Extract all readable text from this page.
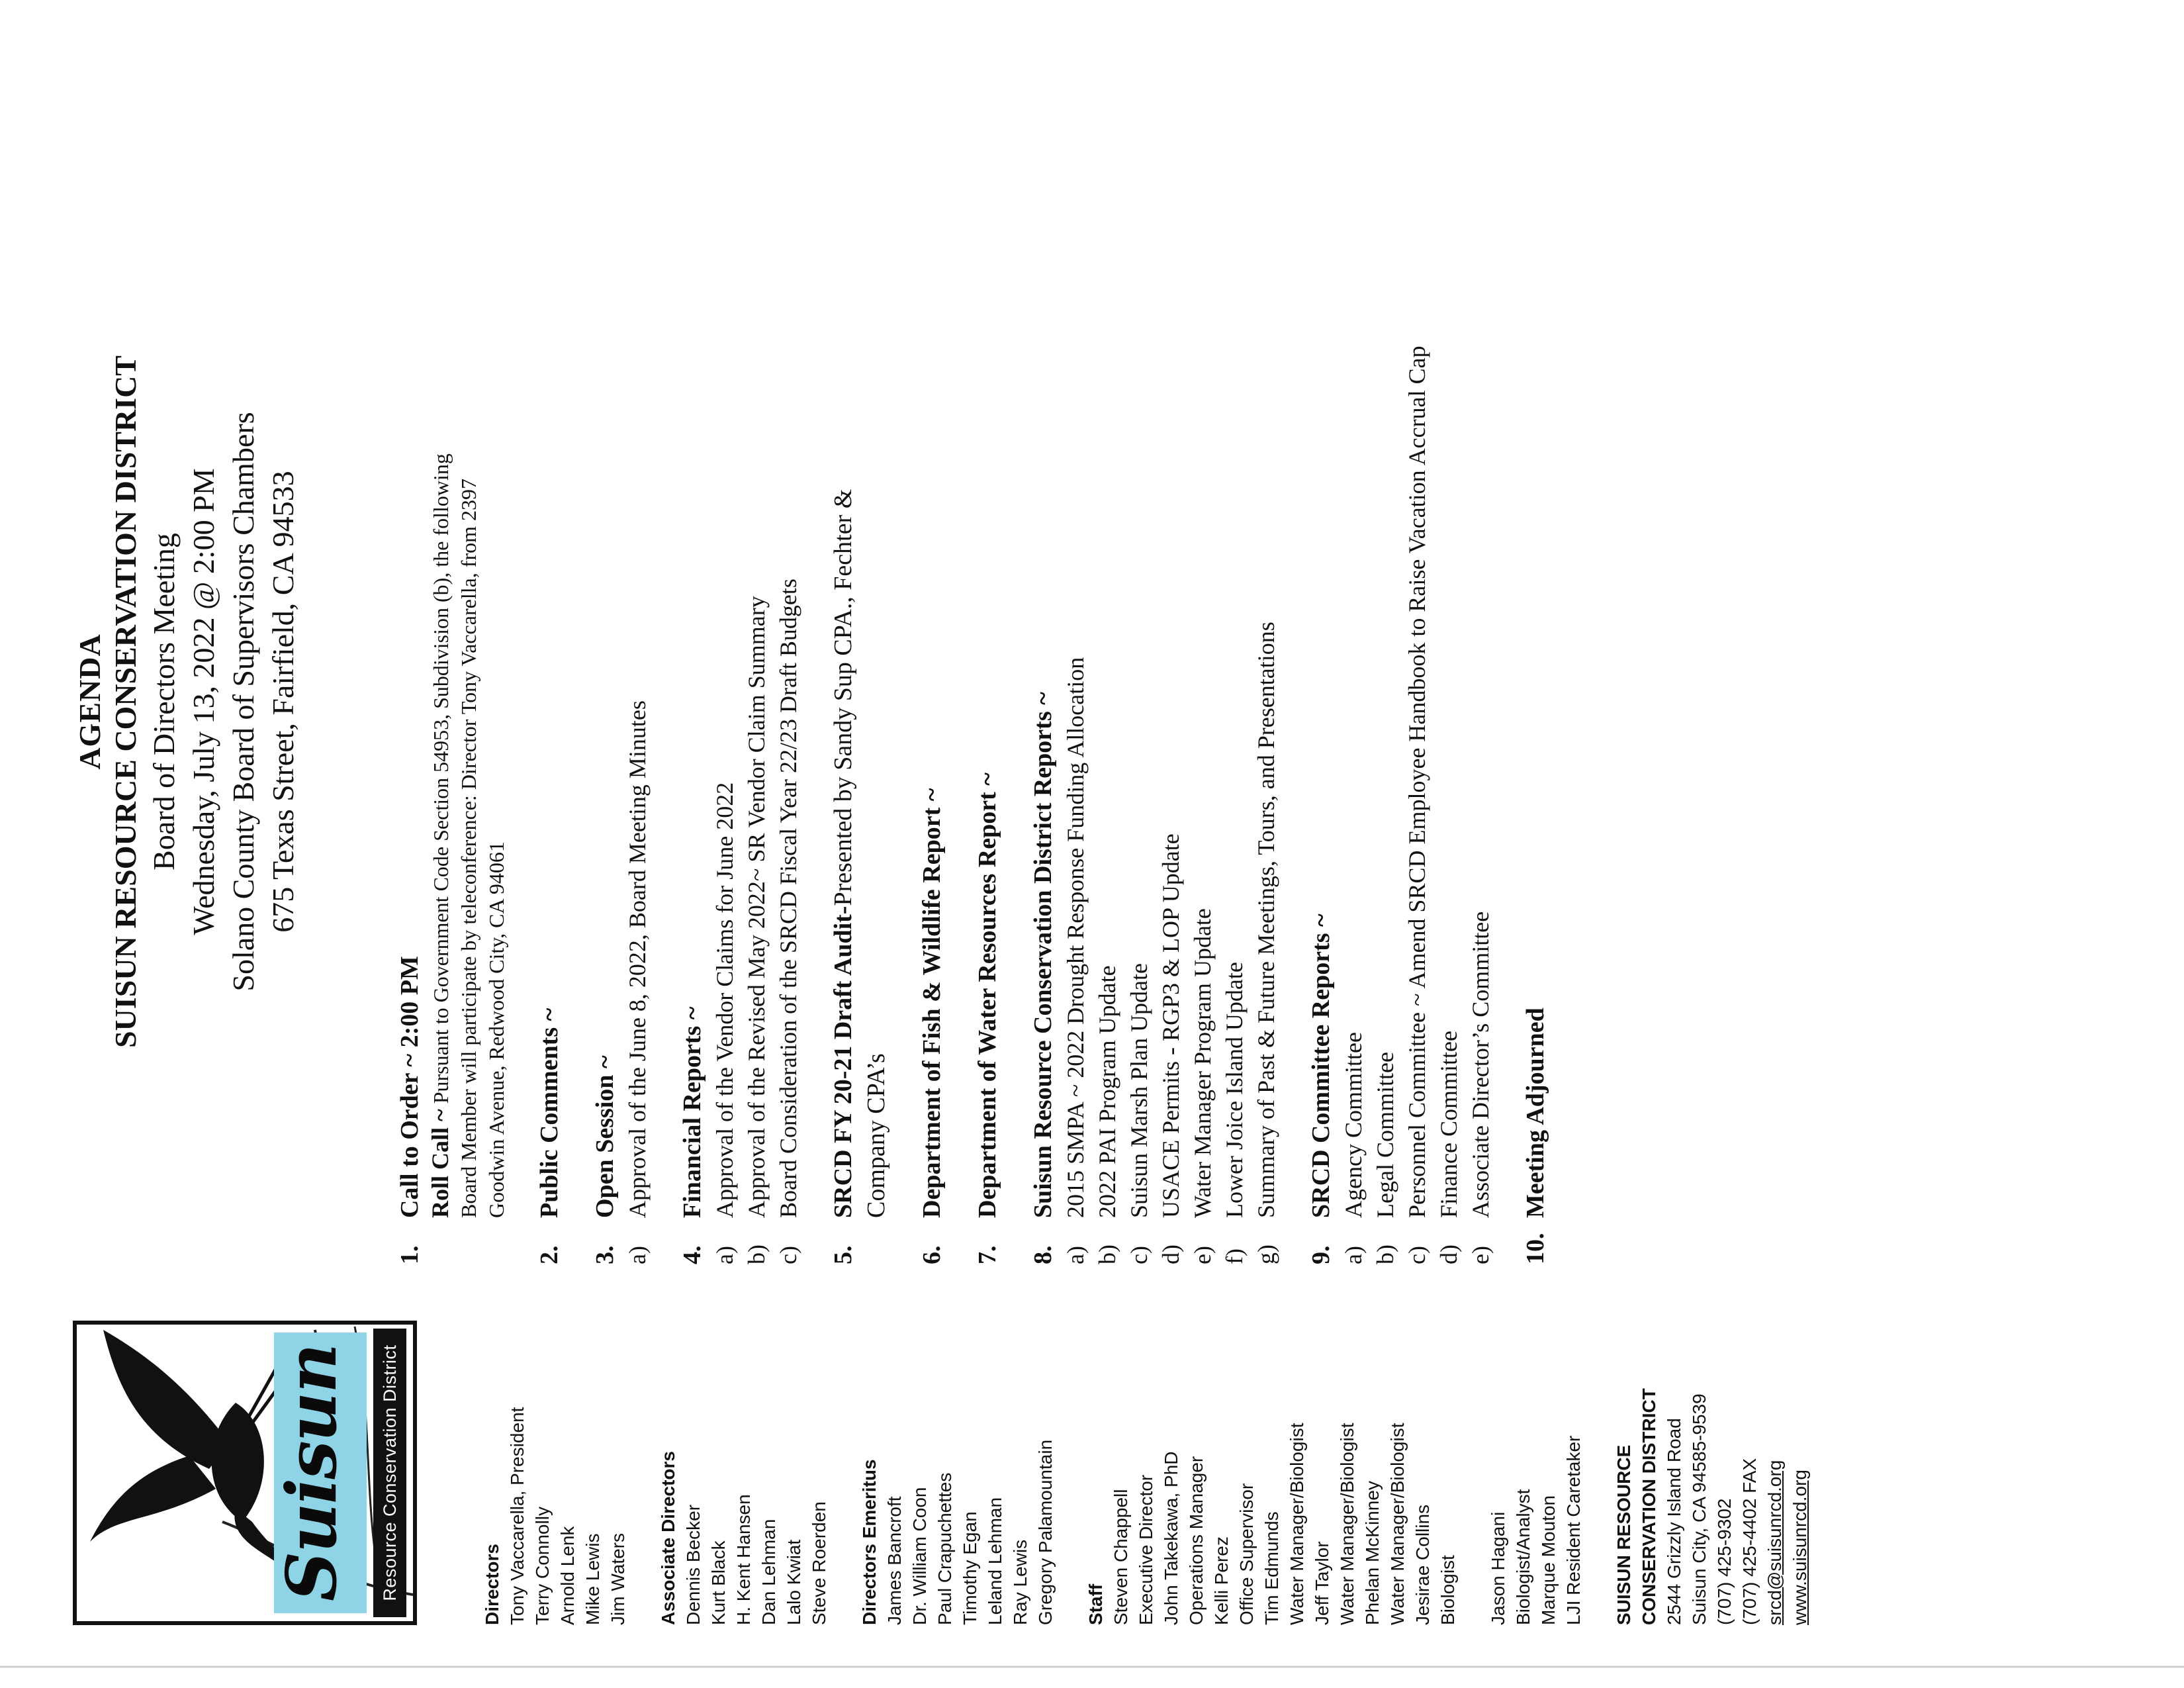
Suisun	Resource Conservation District	Directors Tony Vaccarella, President Terry Connolly Arnold Lenk Mike Lewis Jim Waters Associate Directors Dennis Becker Kurt Black H. Kent Hansen Dan Lehman Lalo Kwiat Steve Roerden Directors Emeritus James Bancroft Dr. William Coon Paul Crapuchettes Timothy Egan Leland Lehman Ray Lewis Gregory Palamountain Staff Steven Chappell Executive Director John Takekawa, PhD Operations Manager Kelli Perez Office Supervisor Tim Edmunds Water Manager/Biologist Jeff Taylor Water Manager/Biologist Phelan McKinney Water Manager/Biologist Jesirae Collins Biologist
Jason Hagani Biologist/Analyst Marque Mouton LJI Resident Caretaker SUISUN RESOURCE CONSERVATION DISTRICT 2544 Grizzly Island Road Suisun City, CA 94585-9539 (707) 425-9302 (707) 425-4402 FAX srcd@suisunrcd.org www.suisunrcd.org
AGENDA SUISUN RESOURCE CONSERVATION DISTRICT Board of Directors Meeting Wednesday, July 13, 2022 @ 2:00 PM Solano County Board of Supervisors Chambers 675 Texas Street, Fairfield, CA 94533
1.
Call to Order ~ 2:00 PM Roll Call ~ Pursuant to Government Code Section 54953, Subdivision (b), the following Board Member will participate by teleconference: Director Tony Vaccarella, from 2397 Goodwin Avenue, Redwood City, CA 94061
2.
Public Comments ~
3.
Open Session ~
a)
Approval of the June 8, 2022, Board Meeting Minutes
4.
Financial Reports ~
a)
Approval of the Vendor Claims for June 2022
b)
Approval of the Revised May 2022~ SR Vendor Claim Summary
c)
Board Consideration of the SRCD Fiscal Year 22/23 Draft Budgets
5.
SRCD FY 20-21 Draft Audit-Presented by Sandy Sup CPA., Fechter &
Company CPA’s
6.
Department of Fish & Wildlife Report ~
7.
Department of Water Resources Report ~
8.
Suisun Resource Conservation District Reports ~
a)
2015 SMPA ~ 2022 Drought Response Funding Allocation
b)
2022 PAI Program Update
c)
Suisun Marsh Plan Update
d)
USACE Permits - RGP3 & LOP Update
e)
Water Manager Program Update
f)
Lower Joice Island Update
g)
Summary of Past & Future Meetings, Tours, and Presentations
9.
SRCD Committee Reports ~
a)
Agency Committee
b)
Legal Committee
c)
Personnel Committee ~ Amend SRCD Employee Handbook to Raise Vacation Accrual Cap
d)
Finance Committee
e)
Associate Director’s Committee
10.
Meeting Adjourned
